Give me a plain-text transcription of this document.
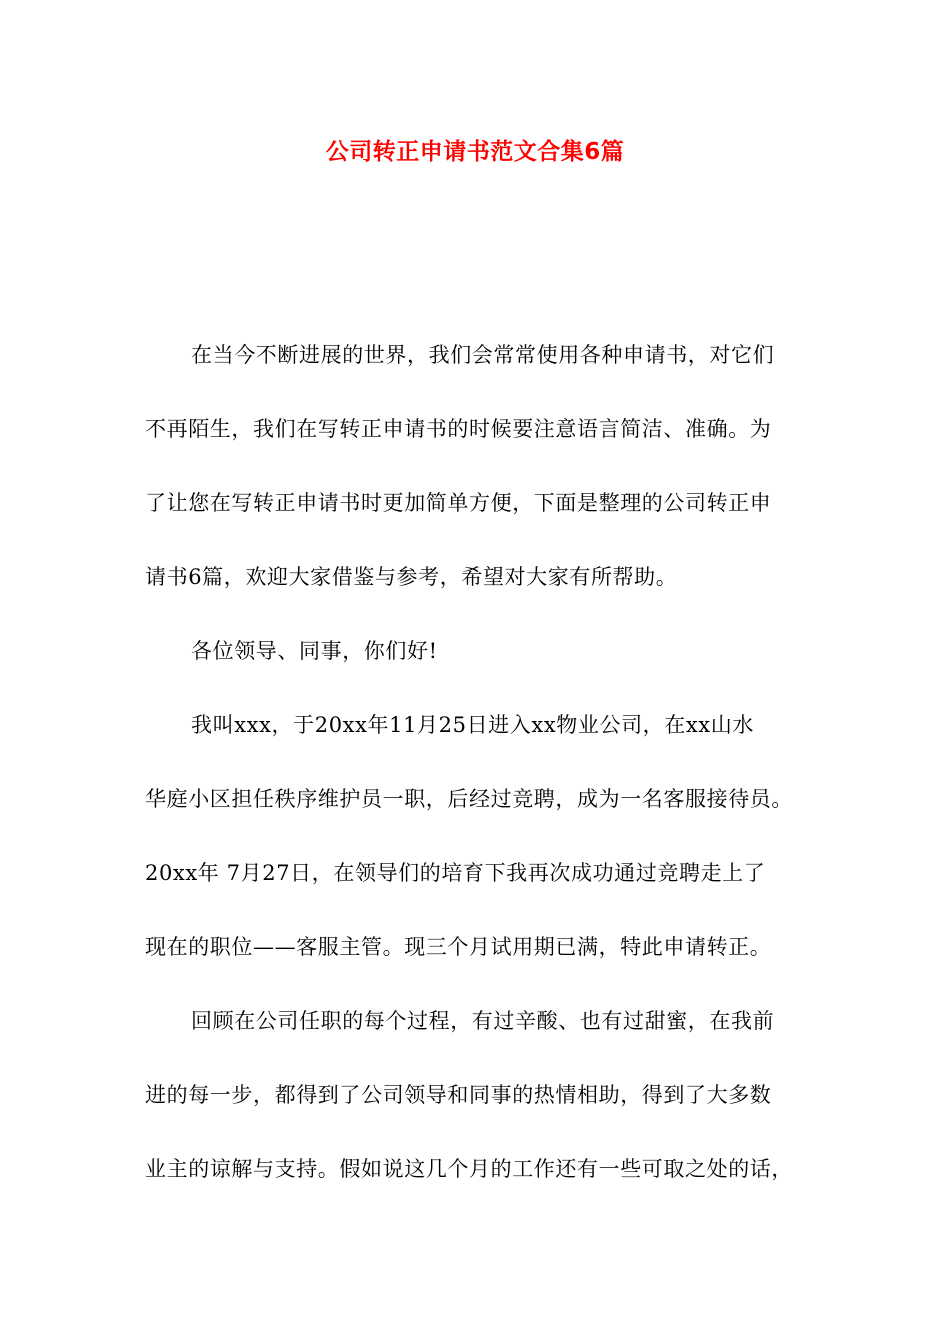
公司转正申请书范文合集6篇
在当今不断进展的世界，我们会常常使用各种申请书，对它们
不再陌生，我们在写转正申请书的时候要注意语言简洁、准确。为
了让您在写转正申请书时更加简单方便，下面是整理的公司转正申
请书6篇，欢迎大家借鉴与参考，希望对大家有所帮助。
各位领导、同事，你们好!
我叫xxx，于20xx年11月25日进入xx物业公司，在xx山水
华庭小区担任秩序维护员一职，后经过竞聘，成为一名客服接待员。
20xx年 7月27日，在领导们的培育下我再次成功通过竞聘走上了
现在的职位——客服主管。现三个月试用期已满，特此申请转正。
回顾在公司任职的每个过程，有过辛酸、也有过甜蜜，在我前
进的每一步，都得到了公司领导和同事的热情相助，得到了大多数
业主的谅解与支持。假如说这几个月的工作还有一些可取之处的话，
